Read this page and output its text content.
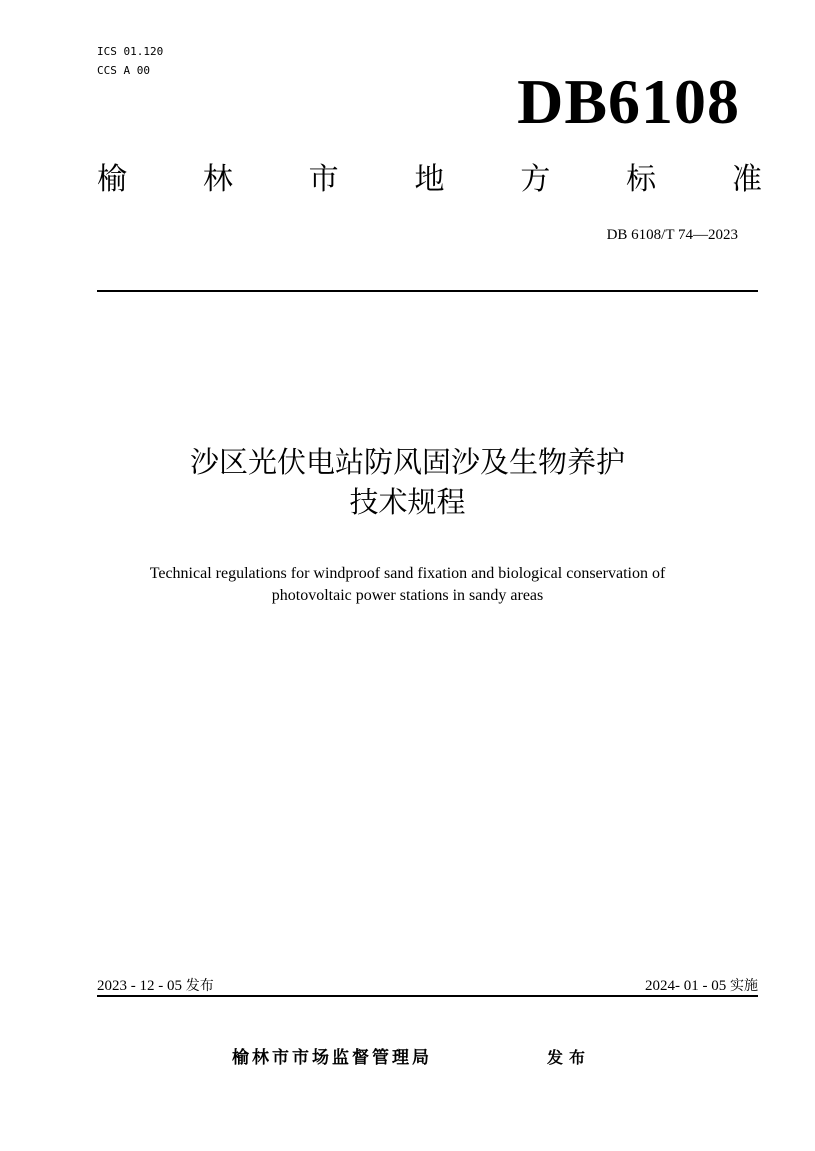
ICS 01.120
CCS A 00	DB6108
榆	林	市	地	方	标	准
DB 6108/T 74—2023
沙区光伏电站防风固沙及生物养护
技术规程
Technical regulations for windproof sand fixation and biological conservation of
photovoltaic power stations in sandy areas
2023 - 12 - 05 发布	2024- 01 - 05 实施
榆林市市场监督管理局	发布
